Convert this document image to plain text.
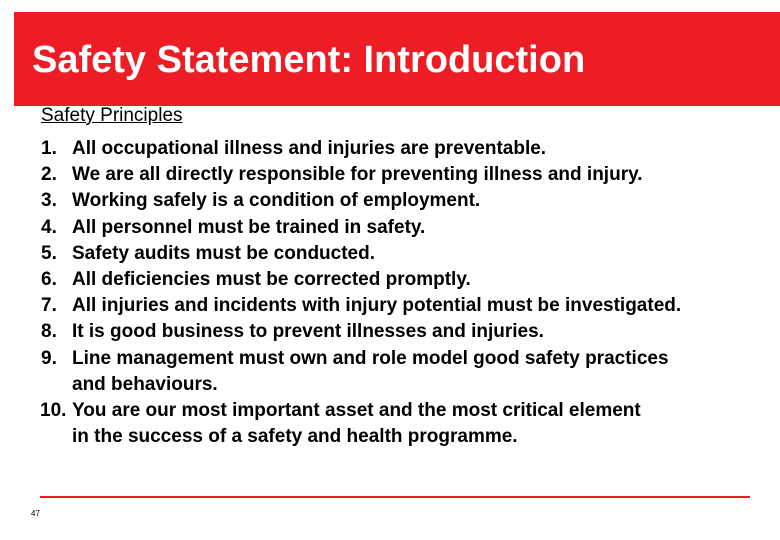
Safety Statement: Introduction
Safety Principles
1. All occupational illness and injuries are preventable.
2. We are all directly responsible for preventing illness and injury.
3. Working safely is a condition of employment.
4. All personnel must be trained in safety.
5. Safety audits must be conducted.
6. All deficiencies must be corrected promptly.
7. All injuries and incidents with injury potential must be investigated.
8. It is good business to prevent illnesses and injuries.
9. Line management must own and role model good safety practices
and behaviours.
10. You are our most important asset and the most critical element
in the success of a safety and health programme.
47
